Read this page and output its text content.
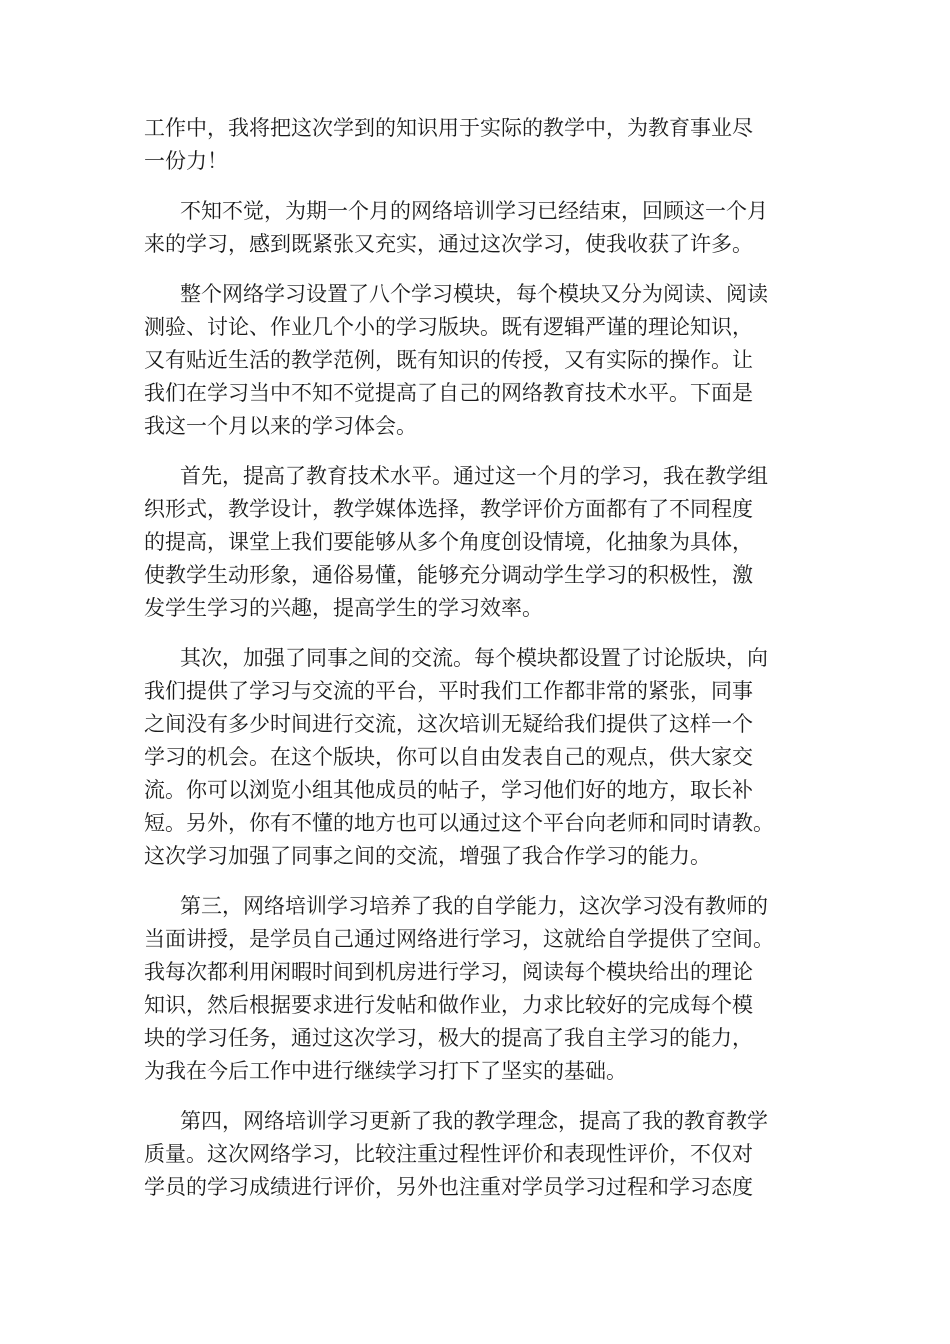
工作中，我将把这次学到的知识用于实际的教学中，为教育事业尽
一份力！

不知不觉，为期一个月的网络培训学习已经结束，回顾这一个月
来的学习，感到既紧张又充实，通过这次学习，使我收获了许多。

整个网络学习设置了八个学习模块，每个模块又分为阅读、阅读
测验、讨论、作业几个小的学习版块。既有逻辑严谨的理论知识，
又有贴近生活的教学范例，既有知识的传授，又有实际的操作。让
我们在学习当中不知不觉提高了自己的网络教育技术水平。下面是
我这一个月以来的学习体会。

首先，提高了教育技术水平。通过这一个月的学习，我在教学组
织形式，教学设计，教学媒体选择，教学评价方面都有了不同程度
的提高，课堂上我们要能够从多个角度创设情境，化抽象为具体，
使教学生动形象，通俗易懂，能够充分调动学生学习的积极性，激
发学生学习的兴趣，提高学生的学习效率。

其次，加强了同事之间的交流。每个模块都设置了讨论版块，向
我们提供了学习与交流的平台，平时我们工作都非常的紧张，同事
之间没有多少时间进行交流，这次培训无疑给我们提供了这样一个
学习的机会。在这个版块，你可以自由发表自己的观点，供大家交
流。你可以浏览小组其他成员的帖子，学习他们好的地方，取长补
短。另外，你有不懂的地方也可以通过这个平台向老师和同时请教。
这次学习加强了同事之间的交流，增强了我合作学习的能力。

第三，网络培训学习培养了我的自学能力，这次学习没有教师的
当面讲授，是学员自己通过网络进行学习，这就给自学提供了空间。
我每次都利用闲暇时间到机房进行学习，阅读每个模块给出的理论
知识，然后根据要求进行发帖和做作业，力求比较好的完成每个模
块的学习任务，通过这次学习，极大的提高了我自主学习的能力，
为我在今后工作中进行继续学习打下了坚实的基础。

第四，网络培训学习更新了我的教学理念，提高了我的教育教学
质量。这次网络学习，比较注重过程性评价和表现性评价，不仅对
学员的学习成绩进行评价，另外也注重对学员学习过程和学习态度
